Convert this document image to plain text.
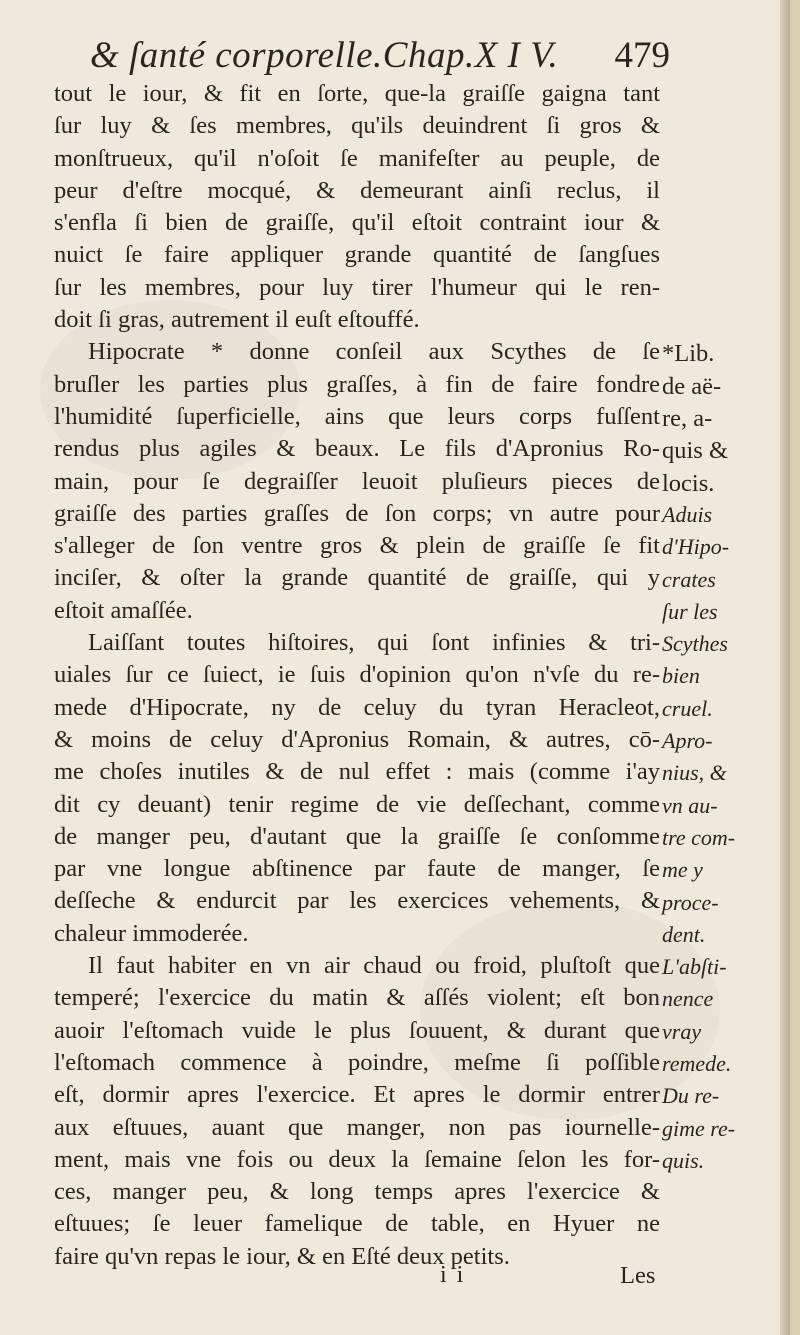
& ſanté corporelle.Chap.X I V. 479
tout le iour, & fit en ſorte, que-la graiſſe gaigna tant
ſur luy & ſes membres, qu'ils deuindrent ſi gros &
monſtrueux, qu'il n'oſoit ſe manifeſter au peuple, de
peur d'eſtre mocqué, & demeurant ainſi reclus, il
s'enfla ſi bien de graiſſe, qu'il eſtoit contraint iour &
nuict ſe faire appliquer grande quantité de ſangſues
ſur les membres, pour luy tirer l'humeur qui le ren-
doit ſi gras, autrement il euſt eſtouffé.
Hipocrate * donne conſeil aux Scythes de ſe
bruſler les parties plus graſſes, à fin de faire fondre
l'humidité ſuperficielle, ains que leurs corps fuſſent
rendus plus agiles & beaux. Le fils d'Apronius Ro-
main, pour ſe degraiſſer leuoit pluſieurs pieces de
graiſſe des parties graſſes de ſon corps; vn autre pour
s'alleger de ſon ventre gros & plein de graiſſe ſe fit
inciſer, & oſter la grande quantité de graiſſe, qui y
eſtoit amaſſée.
Laiſſant toutes hiſtoires, qui ſont infinies & tri-
uiales ſur ce ſuiect, ie ſuis d'opinion qu'on n'vſe du re-
mede d'Hipocrate, ny de celuy du tyran Heracleot,
& moins de celuy d'Apronius Romain, & autres, cō-
me choſes inutiles & de nul effet : mais (comme i'ay
dit cy deuant) tenir regime de vie deſſechant, comme
de manger peu, d'autant que la graiſſe ſe conſomme
par vne longue abſtinence par faute de manger, ſe
deſſeche & endurcit par les exercices vehements, &
chaleur immoderée.
Il faut habiter en vn air chaud ou froid, pluſtoſt que
temperé; l'exercice du matin & aſſés violent; eſt bon
auoir l'eſtomach vuide le plus ſouuent, & durant que
l'eſtomach commence à poindre, meſme ſi poſſible
eſt, dormir apres l'exercice. Et apres le dormir entrer
aux eſtuues, auant que manger, non pas iournelle-
ment, mais vne fois ou deux la ſemaine ſelon les for-
ces, manger peu, & long temps apres l'exercice &
eſtuues; ſe leuer famelique de table, en Hyuer ne
faire qu'vn repas le iour, & en Eſté deux petits.
*Lib.
de aë-
re, a-
quis &
locis.
Aduis
d'Hipo-
crates
ſur les
Scythes
bien
cruel.
Apro-
nius, &
vn au-
tre com-
me y
proce-
dent.
L'abſti-
nence
vray
remede.
Du re-
gime re-
quis.
i i	Les
